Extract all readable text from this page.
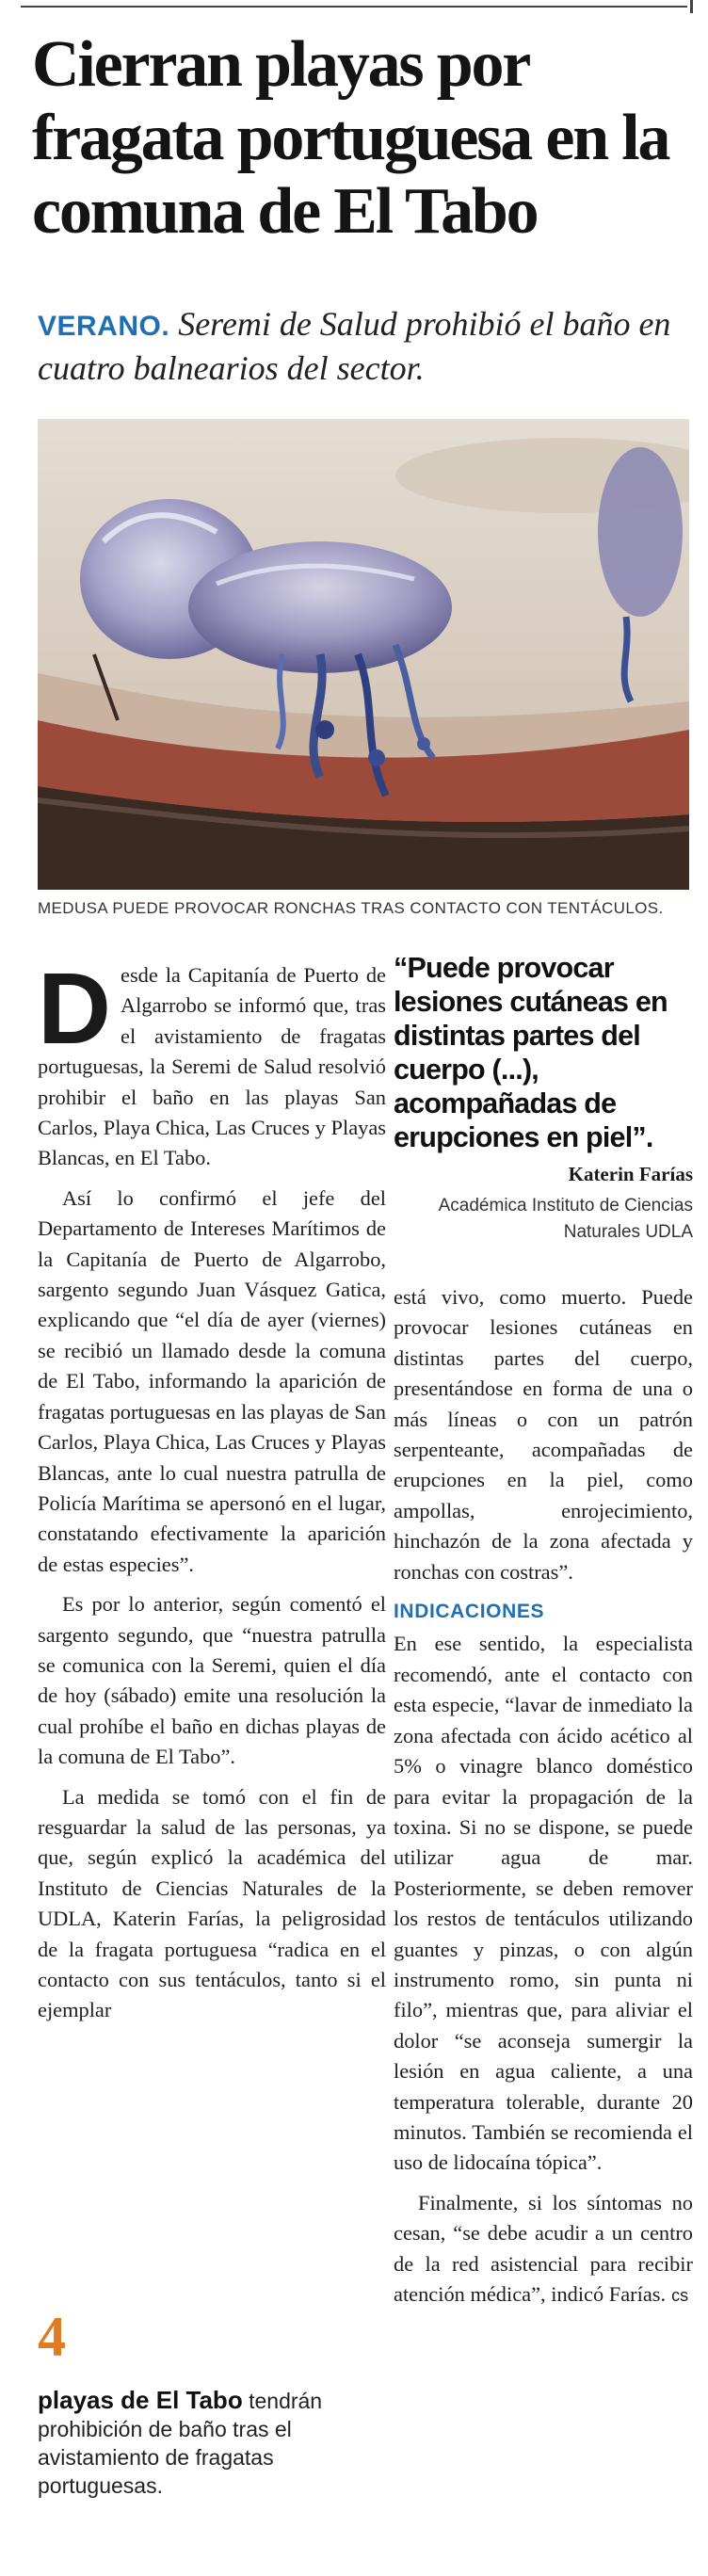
Cierran playas por fragata portuguesa en la comuna de El Tabo
VERANO. Seremi de Salud prohibió el baño en cuatro balnearios del sector.
MEDUSA PUEDE PROVOCAR RONCHAS TRAS CONTACTO CON TENTÁCULOS.

Desde la Capitanía de Puerto de Algarrobo se informó que, tras el avistamiento de fragatas portuguesas, la Seremi de Salud resolvió prohibir el baño en las playas San Carlos, Playa Chica, Las Cruces y Playas Blancas, en El Tabo.

Así lo confirmó el jefe del Departamento de Intereses Marítimos de la Capitanía de Puerto de Algarrobo, sargento segundo Juan Vásquez Gatica, explicando que “el día de ayer (viernes) se recibió un llamado desde la comuna de El Tabo, informando la aparición de fragatas portuguesas en las playas de San Carlos, Playa Chica, Las Cruces y Playas Blancas, ante lo cual nuestra patrulla de Policía Marítima se apersonó en el lugar, constatando efectivamente la aparición de estas especies”.

Es por lo anterior, según comentó el sargento segundo, que “nuestra patrulla se comunica con la Seremi, quien el día de hoy (sábado) emite una resolución la cual prohíbe el baño en dichas playas de la comuna de El Tabo”.

La medida se tomó con el fin de resguardar la salud de las personas, ya que, según explicó la académica del Instituto de Ciencias Naturales de la UDLA, Katerin Farías, la peligrosidad de la fragata portuguesa “radica en el contacto con sus tentáculos, tanto si el ejemplar

“Puede provocar lesiones cutáneas en distintas partes del cuerpo (...), acompañadas de erupciones en piel”.
Katerin Farías
Académica Instituto de Ciencias Naturales UDLA

está vivo, como muerto. Puede provocar lesiones cutáneas en distintas partes del cuerpo, presentándose en forma de una o más líneas o con un patrón serpenteante, acompañadas de erupciones en la piel, como ampollas, enrojecimiento, hinchazón de la zona afectada y ronchas con costras”.

INDICACIONES

En ese sentido, la especialista recomendó, ante el contacto con esta especie, “lavar de inmediato la zona afectada con ácido acético al 5% o vinagre blanco doméstico para evitar la propagación de la toxina. Si no se dispone, se puede utilizar agua de mar. Posteriormente, se deben remover los restos de tentáculos utilizando guantes y pinzas, o con algún instrumento romo, sin punta ni filo”, mientras que, para aliviar el dolor “se aconseja sumergir la lesión en agua caliente, a una temperatura tolerable, durante 20 minutos. También se recomienda el uso de lidocaína tópica”.

Finalmente, si los síntomas no cesan, “se debe acudir a un centro de la red asistencial para recibir atención médica”, indicó Farías. cs

4
playas de El Tabo tendrán prohibición de baño tras el avistamiento de fragatas portuguesas.
